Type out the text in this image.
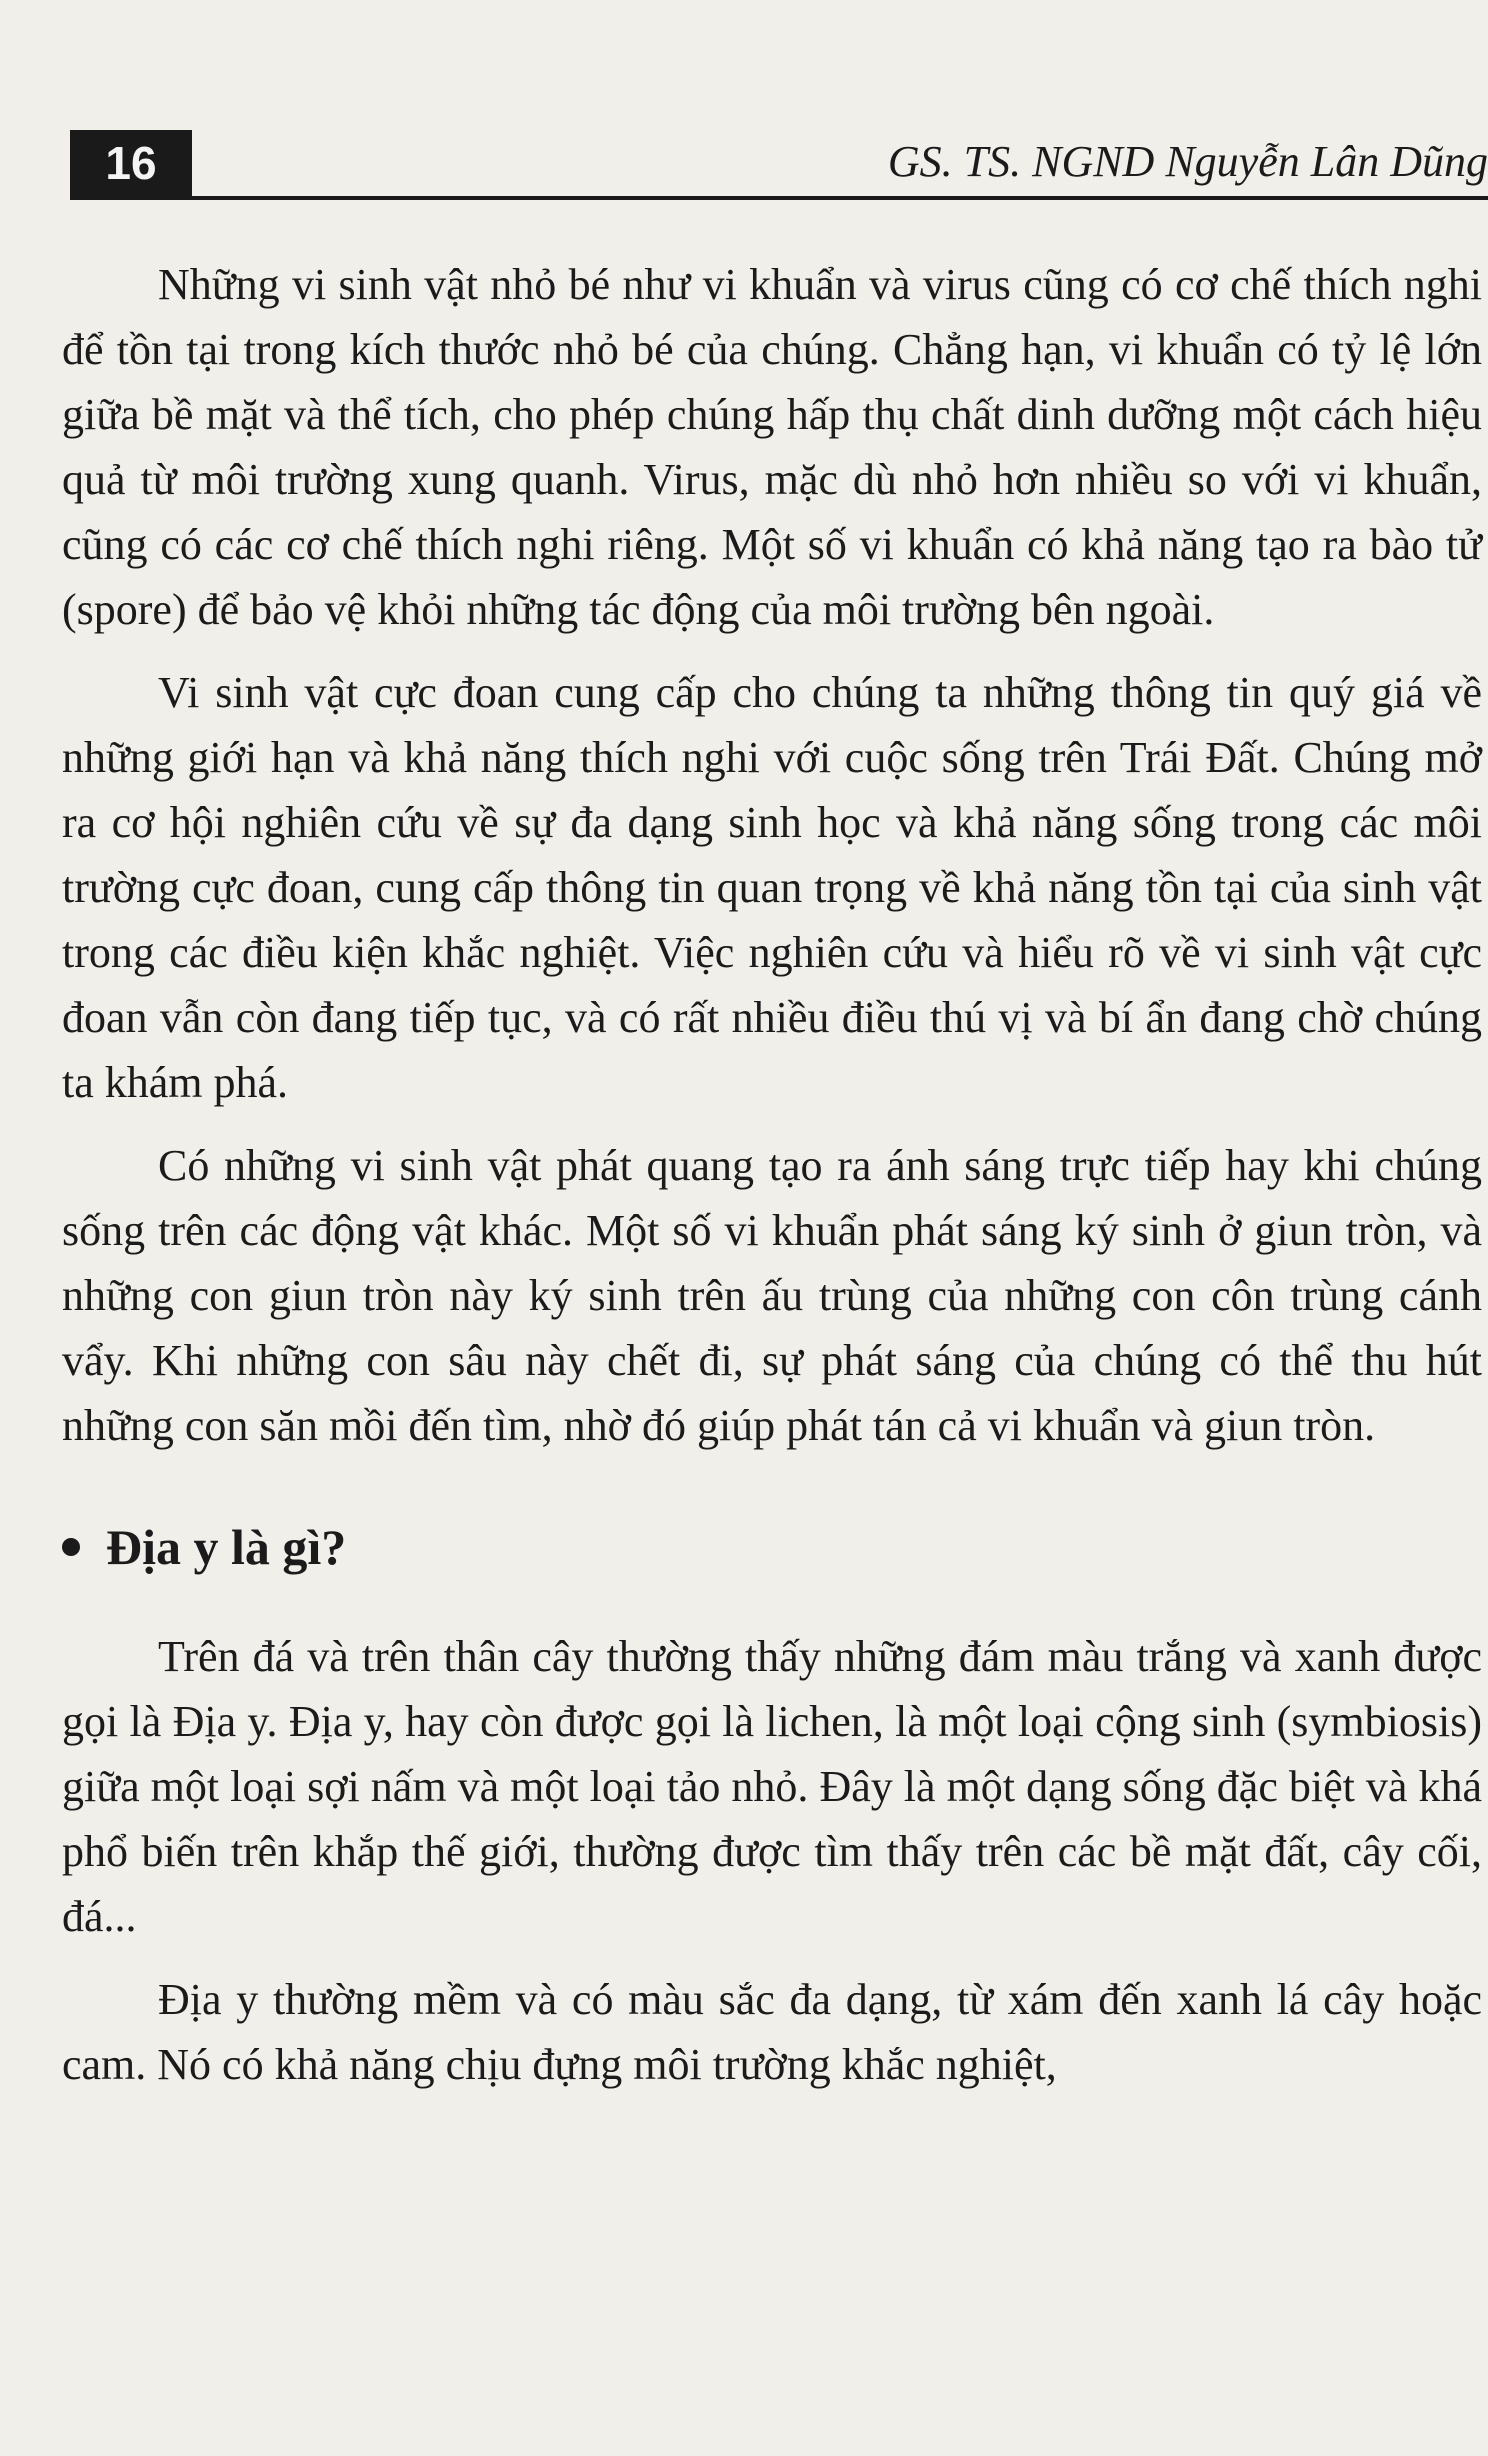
16	GS. TS. NGND Nguyễn Lân Dũng

Những vi sinh vật nhỏ bé như vi khuẩn và virus cũng có cơ chế thích nghi để tồn tại trong kích thước nhỏ bé của chúng. Chẳng hạn, vi khuẩn có tỷ lệ lớn giữa bề mặt và thể tích, cho phép chúng hấp thụ chất dinh dưỡng một cách hiệu quả từ môi trường xung quanh. Virus, mặc dù nhỏ hơn nhiều so với vi khuẩn, cũng có các cơ chế thích nghi riêng. Một số vi khuẩn có khả năng tạo ra bào tử (spore) để bảo vệ khỏi những tác động của môi trường bên ngoài.

Vi sinh vật cực đoan cung cấp cho chúng ta những thông tin quý giá về những giới hạn và khả năng thích nghi với cuộc sống trên Trái Đất. Chúng mở ra cơ hội nghiên cứu về sự đa dạng sinh học và khả năng sống trong các môi trường cực đoan, cung cấp thông tin quan trọng về khả năng tồn tại của sinh vật trong các điều kiện khắc nghiệt. Việc nghiên cứu và hiểu rõ về vi sinh vật cực đoan vẫn còn đang tiếp tục, và có rất nhiều điều thú vị và bí ẩn đang chờ chúng ta khám phá.

Có những vi sinh vật phát quang tạo ra ánh sáng trực tiếp hay khi chúng sống trên các động vật khác. Một số vi khuẩn phát sáng ký sinh ở giun tròn, và những con giun tròn này ký sinh trên ấu trùng của những con côn trùng cánh vẩy. Khi những con sâu này chết đi, sự phát sáng của chúng có thể thu hút những con săn mồi đến tìm, nhờ đó giúp phát tán cả vi khuẩn và giun tròn.

Địa y là gì?

Trên đá và trên thân cây thường thấy những đám màu trắng và xanh được gọi là Địa y. Địa y, hay còn được gọi là lichen, là một loại cộng sinh (symbiosis) giữa một loại sợi nấm và một loại tảo nhỏ. Đây là một dạng sống đặc biệt và khá phổ biến trên khắp thế giới, thường được tìm thấy trên các bề mặt đất, cây cối, đá...

Địa y thường mềm và có màu sắc đa dạng, từ xám đến xanh lá cây hoặc cam. Nó có khả năng chịu đựng môi trường khắc nghiệt,
